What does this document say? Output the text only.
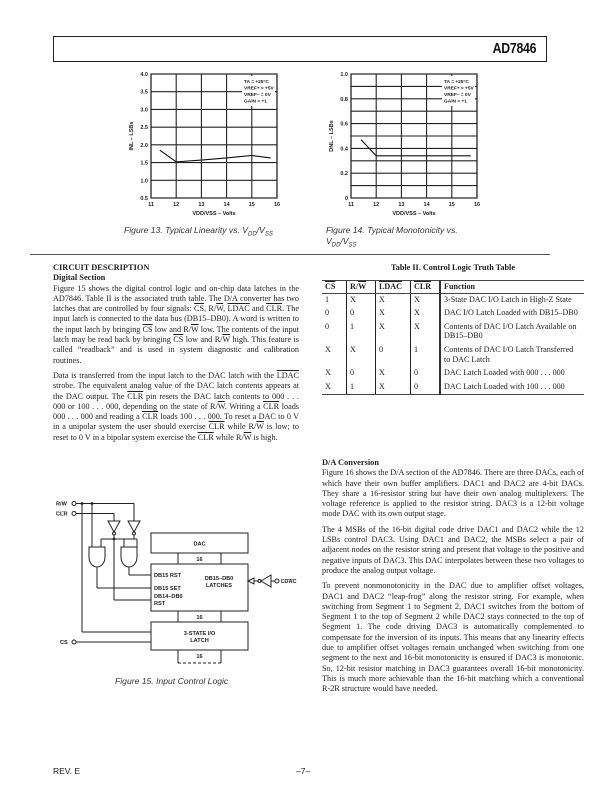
AD7846
0.5
1.0
1.5
2.0
2.5
3.0
3.5
4.0
11	12	13	14	15	16
VDD/VSS – Volts
INL – LSBs
TA = +25°C
VREF+ = +5V
VREF– = 0V
GAIN = +1
Figure 13. Typical Linearity vs. $V_{DD}/V_{SS}$
0
0.2
0.4
0.6
0.8
1.0
11	12	13	14	15	16
VDD/VSS – Volts
DNL – LSBs
TA = +25°C
VREF+ = +5V
VREF– = 0V
GAIN = +1
Figure 14. Typical Monotonicity vs.
$V_{DD}/V_{SS}$
CIRCUIT DESCRIPTION
Digital Section

Figure 15 shows the digital control logic and on-chip data latches in the AD7846. Table II is the associated truth table. The D/A converter has two latches that are controlled by four signals: $\overline{CS}$, $R/\overline{W}$, LDAC and $\overline{CLR}$. The input latch is connected to the data bus (DB15–DB0). A word is written to the input latch by bringing $\overline{CS}$ low and $R/\overline{W}$ low. The contents of the input latch may be read back by bringing $\overline{CS}$ low and $R/\overline{W}$ high. This feature is called “readback” and is used in system diagnostic and calibration routines.

Data is transferred from the input latch to the DAC latch with the LDAC strobe. The equivalent analog value of the DAC latch contents appears at the DAC output. The $\overline{CLR}$ pin resets the DAC latch contents to 000 . . . 000 or 100 . . . 000, depending on the state of $R/\overline{W}$. Writing a $\overline{CLR}$ loads 000 . . . 000 and reading a $\overline{CLR}$ loads 100 . . . 000. To reset a DAC to 0 V in a unipolar system the user should exercise $\overline{CLR}$ while $R/\overline{W}$ is low; to reset to 0 V in a bipolar system exercise the $\overline{CLR}$ while $R/\overline{W}$ is high.

Table II. Control Logic Truth Table
$\overline{CS}$	$R/\overline{W}$	LDAC	$\overline{CLR}$	Function
1	X	X	X	3-State DAC I/O Latch in High-Z State
0	0	X	X	DAC I/O Latch Loaded with DB15–DB0
0	1	X	X	Contents of DAC I/O Latch Available on DB15–DB0
X	X	0	1	Contents of DAC I/O Latch Transferred to DAC Latch
X	0	X	0	DAC Latch Loaded with 000 . . . 000
X	1	X	0	DAC Latch Loaded with 100 . . . 000
D/A Conversion

Figure 16 shows the D/A section of the AD7846. There are three DACs, each of which have their own buffer amplifiers. DAC1 and DAC2 are 4-bit DACs. They share a 16-resistor string but have their own analog multiplexers. The voltage reference is applied to the resistor string. DAC3 is a 12-bit voltage mode DAC with its own output stage.

The 4 MSBs of the 16-bit digital code drive DAC1 and DAC2 while the 12 LSBs control DAC3. Using DAC1 and DAC2, the MSBs select a pair of adjacent nodes on the resistor string and present that voltage to the positive and negative inputs of DAC3. This DAC interpolates between these two voltages to produce the analog output voltage.

To prevent nonmonotonicity in the DAC due to amplifier offset voltages, DAC1 and DAC2 “leap-frog” along the resistor string. For example, when switching from Segment 1 to Segment 2, DAC1 switches from the bottom of Segment 1 to the top of Segment 2 while DAC2 stays connected to the top of Segment 1. The code driving DAC3 is automatically complemented to compensate for the inversion of its inputs. This means that any linearity effects due to amplifier offset voltages remain unchanged when switching from one segment to the next and 16-bit monotonicity is ensured if DAC3 is monotonic. So, 12-bit resistor matching in DAC3 guarantees overall 16-bit monotonicity. This is much more achievable than the 16-bit matching which a conventional R-2R structure would have needed.

R/W
CLR
CS
LDAC
DAC
16
16
16
DB15 RST
DB15 SET
DB14–DB0
RST
DB15–DB0
LATCHES
3-STATE I/O
LATCH
Figure 15. Input Control Logic
REV. E	–7–
